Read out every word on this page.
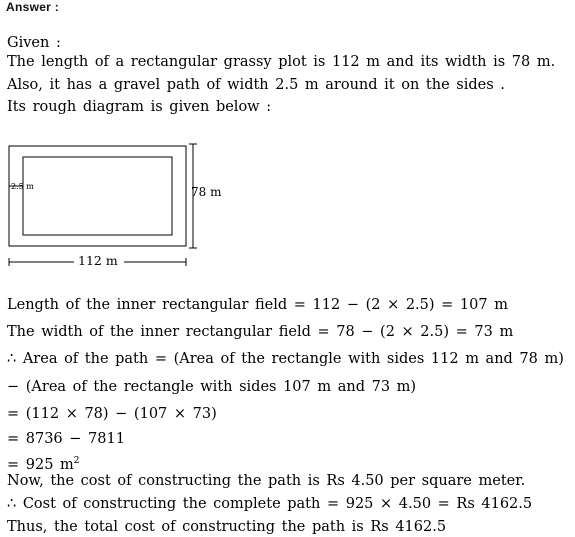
Answer :
Given :
The length of a rectangular grassy plot is 112 m and its width is 78 m.
Also, it has a gravel path of width 2.5 m around it on the sides .
Its rough diagram is given below :
2.5 m	78 m
112 m
Length of the inner rectangular field = 112 − (2 × 2.5) = 107 m
The width of the inner rectangular field = 78 − (2 × 2.5) = 73 m
∴ Area of the path = (Area of the rectangle with sides 112 m and 78 m)
− (Area of the rectangle with sides 107 m and 73 m)
= (112 × 78) − (107 × 73)
= 8736 − 7811
= 925 $m^2$
Now, the cost of constructing the path is Rs 4.50 per square meter.
∴ Cost of constructing the complete path = 925 × 4.50 = Rs 4162.5
Thus, the total cost of constructing the path is Rs 4162.5
